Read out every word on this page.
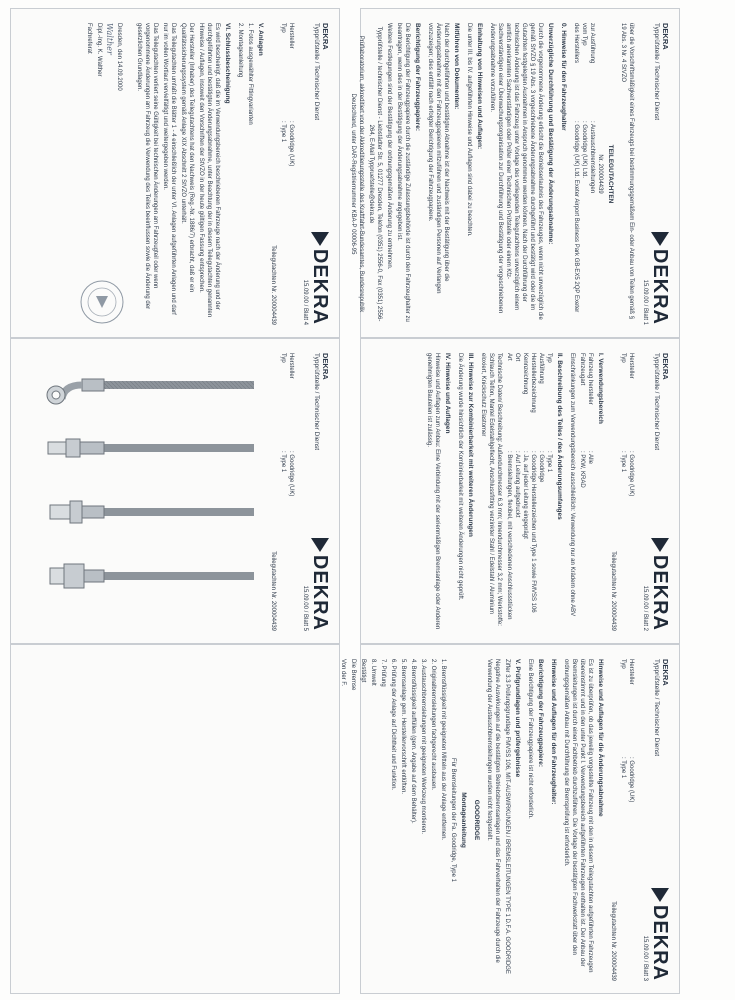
DEKRA
Typprüfstelle / Technischer Dienst
DEKRA
15.09.00 / Blatt 1
über die Vorschriftsmäßigkeit eines Fahrzeugs bei bestimmungsgemäßem Ein- oder Anbau von Teilen gemäß § 19 Abs. 3 Nr. 4 StVZO
TEILEGUTACHTEN
Nr. 200004439
zur Ausführung
: Austauschbremsleitungen
vom Typ
: Goodridge (UK) Ltd.
des Herstellers
: Goodridge (UK) Ltd. Exeter Airport Business Park GB-EX5 2QP Exeter
0. Hinweise für den Fahrzeughalter
Unverzügliche Durchführung und Bestätigung der Änderungsabnahme:
Durch die vorgenommene Änderung erlischt die Betriebserlaubnis des Fahrzeuges, wenn nicht unverzüglich die gemäß StVZO § 19 Abs. 3 vorgeschriebene Änderungsabnahme durchgeführt und bestätigt wird oder die im Gutachten festgelegten Ausnahmen in Anspruch genommen werden können. Nach der Durchführung der technischen Änderung ist das Fahrzeug unter Vorlage des vorliegenden Teilegutachtens unverzüglich einem amtlich anerkannten Sachverständigen oder Prüfer einer Technischen Prüfstelle oder einem Kfz-Sachverständigen einer Überwachungsorganisation zur Durchführung und Bestätigung der vorgeschriebenen Änderungsabnahme vorzuführen.
Einhaltung von Hinweisen und Auflagen:
Die unter III. bis IV. aufgeführten Hinweise und Auflagen sind dabei zu beachten.
Mitführen von Dokumenten:
Nach der durchgeführten und bestätigten Abnahme ist der Nachweis mit der Bestätigung über die Änderungsabnahme mit den Fahrzeugpapieren mitzuführen und zuständigen Personen auf Verlangen vorzuzeigen; dies entfällt nach erfolgter Berichtigung der Fahrzeugpapiere.
Berichtigung der Fahrzeugpapiere:
Die Berichtigung der Fahrzeugpapiere durch die zuständige Zulassungsbehörde ist durch den Fahrzeughalter zu beantragen, wenn dies in der Bestätigung der Änderungsabnahme angegeben ist.
Weitere Festlegungen sind der Bestätigung der ordnungsgemäßen Änderung zu entnehmen.
Typprüfstelle / technischer Dienst - Liebstädter Str. 5, 01277 Dresden, Telefon (0351) 2556-0, Fax (0351) 2556-264, E-Mail Typpruefstelle@dekra.de
Prüflaboratorium, akkreditiert von der Akkreditierungsstelle des Kraftfahrt-Bundesamtes, Bundesrepublik Deutschland, unter DAR-Registriernummer KBA-P 00006-95
DEKRA
Typprüfstelle / Technischer Dienst
DEKRA
15.09.00 / Blatt 2
Hersteller
: Goodridge (UK)
Typ
: Type 1
Teilegutachten Nr. 200004439
I. Verwendungsbereich
Fahrzeug hersteller
: Alle
Fahrzeugart
: PKW, KRAD
Einschränkungen zum Verwendungsbereich ausschließlich: Verwendung nur an Krädern ohne ABV
II. Beschreibung des Teiles / des Änderungsumfanges
Typ
: Type 1
Ausführung
: Goodridge
Herstellerbezeichnung
: Goodridge Herstellerzeichen und Type 1 sowie FMVSS 106
Kennzeichnung
: Ja, auf jeder Leitung eingeprägt
Ort
: Auf Leitung aufgedruckt
Art
: Bremsleitungen, flexibel, mit verschiedenen Anschlussstücken
Technische Daten/ Beschreibung: Außendurchmesser 6,3 mm; Innendurchmesser 3,2 mm; Werkstoffe: Schlauch Teflon, Mantel Edelstahlgeflecht, Anschlussfitting verzinkter Stahl / Edelstahl / Aluminium eloxiert, Knickschutz Elastomer
III. Hinweise zur Kombinierbarkeit mit weiteren Änderungen
Die Änderung wurde hinsichtlich der Kombinierbarkeit mit weiteren Änderungen nicht geprüft.
IV. Hinweise und Auflagen
Hinweise und Auflagen zum Anbau: Eine Verbindung mit der serienmäßigen Bremsanlage oder Anderen genehmigten Bauteilen ist zulässig.
DEKRA
Typprüfstelle / Technischer Dienst
DEKRA
15.09.00 / Blatt 3
Hersteller
: Goodridge (UK)
Typ
: Type 1
Teilegutachten Nr. 200004439
Hinweise und Auflagen für die Änderungsabnahme
Es ist zu überprüfen, ob das jeweilig vorgestellte Fahrzeug mit den in diesem Teilegutachten aufgeführten Fahrzeugen übereinstimmt und in den unter Punkt I. Verwendungsbereich aufgeführten Fahrzeugen enthalten ist. Der Anbau der Bremsleitungen ist durch einen Fachbetrieb durchzuführen. Die Vorlage der bestätigten Fachwerkstatt über den ordnungsgemäßen Anbau mit Durchführung der Bremsprüfung ist erforderlich.
Hinweise und Auflagen für den Fahrzeughalter:
Berichtigung der Fahrzeugpapiere:
Eine Berichtigung der Fahrzeugpapiere ist nicht erforderlich.
V. Prüfgrundlagen und prüfergebnisse
Ziffer 3.3 Prüfungsgrundlage FMVSS 106, MIT-AUSWIRKUNGEN / BREMSLEITUNGEN TYPE 1 D.F.A. GOODRIDGE
Negative Auswirkungen auf die bestätigten Betriebsbremsanlagen und das Fahrverhalten der Fahrzeuge durch die Verwendung der Austauschbremsleitungen wurden nicht festgestellt.
GOODRIDGE
Montageanleitung
Für Bremsleitungen der Fa. Goodridge, Type 1
1. Bremsflüssigkeit mit geeigneten Mitteln aus der Anlage entfernen.
2. Originalbremsleitungen fachgerecht ausbauen.
3. Austauschbremsleitungen mit geeigneten Werkzeug montieren.
4. Bremsflüssigkeit auffüllen (gem. Angabe auf dem Behälter).
5. Bremsanlage gem. Herstellervorschrift entlüften.
6. Prüfung der Anlage auf Dichtheit und Funktion.
7. Prüfung
8. Umwelt
Bestätigt
Die Bremse
Von der F.
DEKRA
Typprüfstelle / Technischer Dienst
DEKRA
15.09.00 / Blatt 4
Hersteller
: Goodridge (UK)
Typ
: Type 1
Teilegutachten Nr. 200004439
V. Anlagen
1. Fotos ausgewählter Fittingvarianten
2. Montageanleitung
VI. Schlussbescheinigung
Es wird bescheinigt, daß die im Verwendungsbereich beschriebenen Fahrzeuge nach der Änderung und der durchgeführten und bestätigten Änderungsabnahme, unter Beachtung der in diesem Teilegutachten genannten Hinweise / Auflagen, insoweit den Vorschriften der StVZO in der heute gültigen Fassung entsprechen.
Der Hersteller (Inhaber) des Teilegutachtens hat den Nachweis (Reg.-Nr. 1886/7) erbracht, daß er ein Qualitätssicherungssystem gemäß Anlage XIX Abschnitt 2 StVZO unterhält.
Das Teilegutachten umfaßt die Blätter 1 - 4 einschließlich der unter VI. Anlagen aufgeführten Anlagen und darf nur im vollen Wortlaut vervielfältigt und weitergegeben werden.
Das Teilegutachten verliert seine Gültigkeit bei technischen Änderungen am Fahrzeugteil oder wenn vorgenommene Änderungen am Fahrzeug die Verwendung des Teiles beeinflussen sowie die Änderung der gesetzlichen Grundlagen.
Dresden, den 14.09.2000
Walther
Dipl.-Ing. K. Walther
Fachreferat
DEKRA
Typprüfstelle / Technischer Dienst
DEKRA
15.09.00 / Blatt 5
Hersteller
: Goodridge (UK)
Typ
: Type 1
Teilegutachten Nr. 200004439
